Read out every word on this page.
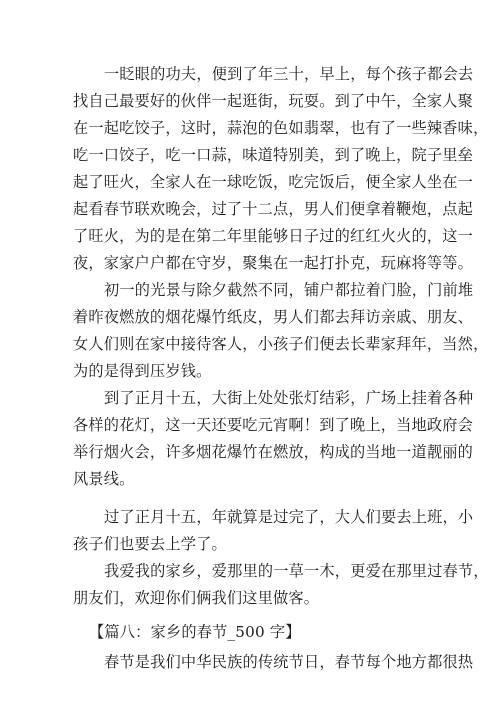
一眨眼的功夫，便到了年三十，早上，每个孩子都会去
找自己最要好的伙伴一起逛街，玩耍。到了中午，全家人聚
在一起吃饺子，这时，蒜泡的色如翡翠，也有了一些辣香味，
吃一口饺子，吃一口蒜，味道特别美，到了晚上，院子里垒
起了旺火，全家人在一球吃饭，吃完饭后，便全家人坐在一
起看春节联欢晚会，过了十二点，男人们便拿着鞭炮，点起
了旺火，为的是在第二年里能够日子过的红红火火的，这一
夜，家家户户都在守岁，聚集在一起打扑克，玩麻将等等。
初一的光景与除夕截然不同，铺户都拉着门脸，门前堆
着昨夜燃放的烟花爆竹纸皮，男人们都去拜访亲戚、朋友、
女人们则在家中接待客人，小孩子们便去长辈家拜年，当然，
为的是得到压岁钱。
到了正月十五，大街上处处张灯结彩，广场上挂着各种
各样的花灯，这一天还要吃元宵啊！到了晚上，当地政府会
举行烟火会，许多烟花爆竹在燃放，构成的当地一道靓丽的
风景线。
过了正月十五，年就算是过完了，大人们要去上班，小
孩子们也要去上学了。
我爱我的家乡，爱那里的一草一木，更爱在那里过春节，
朋友们，欢迎你们俩我们这里做客。
【篇八：家乡的春节_500 字】
春节是我们中华民族的传统节日，春节每个地方都很热
